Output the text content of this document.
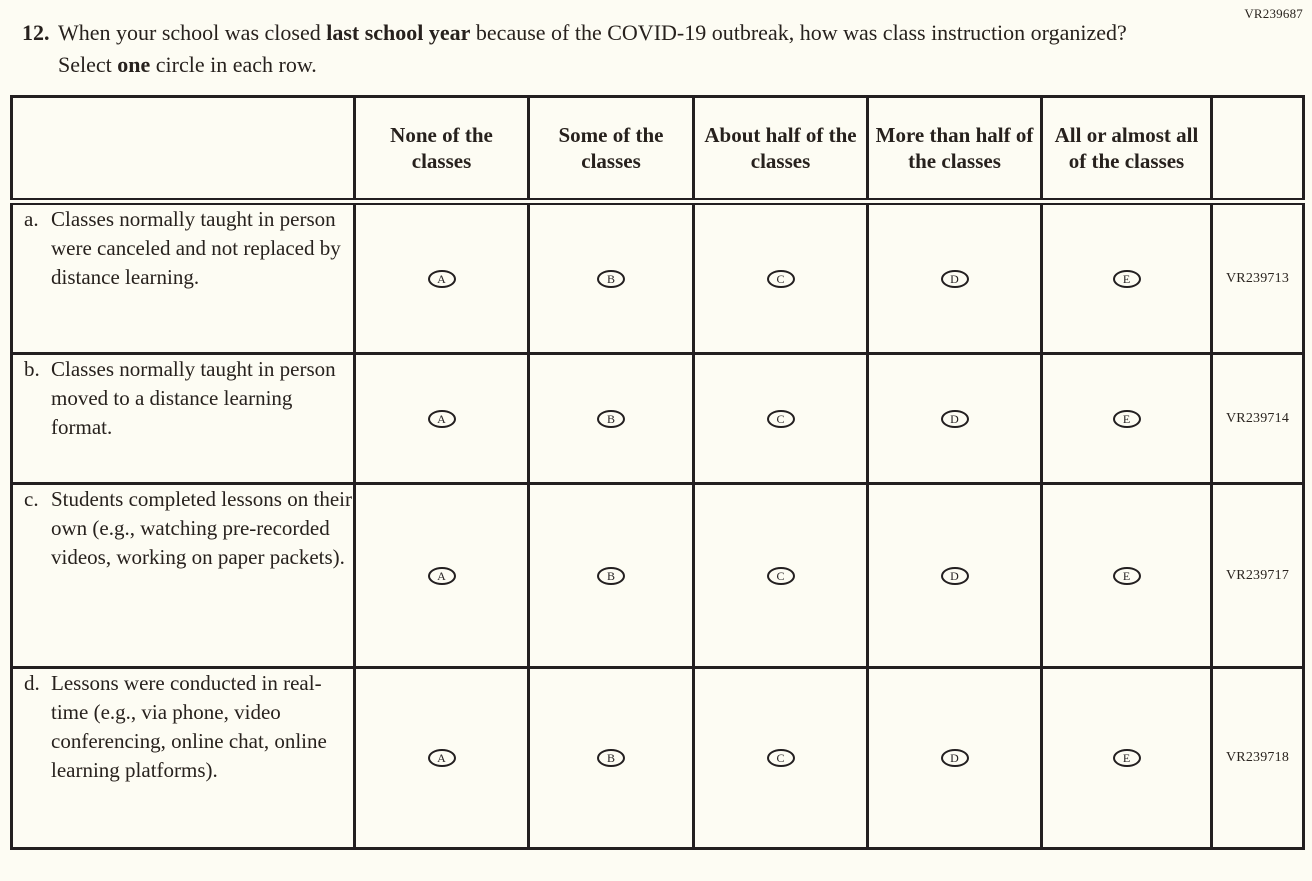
VR239687
12. When your school was closed last school year because of the COVID-19 outbreak, how was class instruction organized? Select one circle in each row.
	None of the classes	Some of the classes	About half of the classes	More than half of the classes	All or almost all of the classes	

a. Classes normally taught in person were canceled and not replaced by distance learning.	A	B	C	D	E	VR239713

b. Classes normally taught in person moved to a distance learning format.	A	B	C	D	E	VR239714

c. Students completed lessons on their own (e.g., watching pre-recorded videos, working on paper packets).	A	B	C	D	E	VR239717

d. Lessons were conducted in real-time (e.g., via phone, video conferencing, online chat, online learning platforms).	A	B	C	D	E	VR239718
